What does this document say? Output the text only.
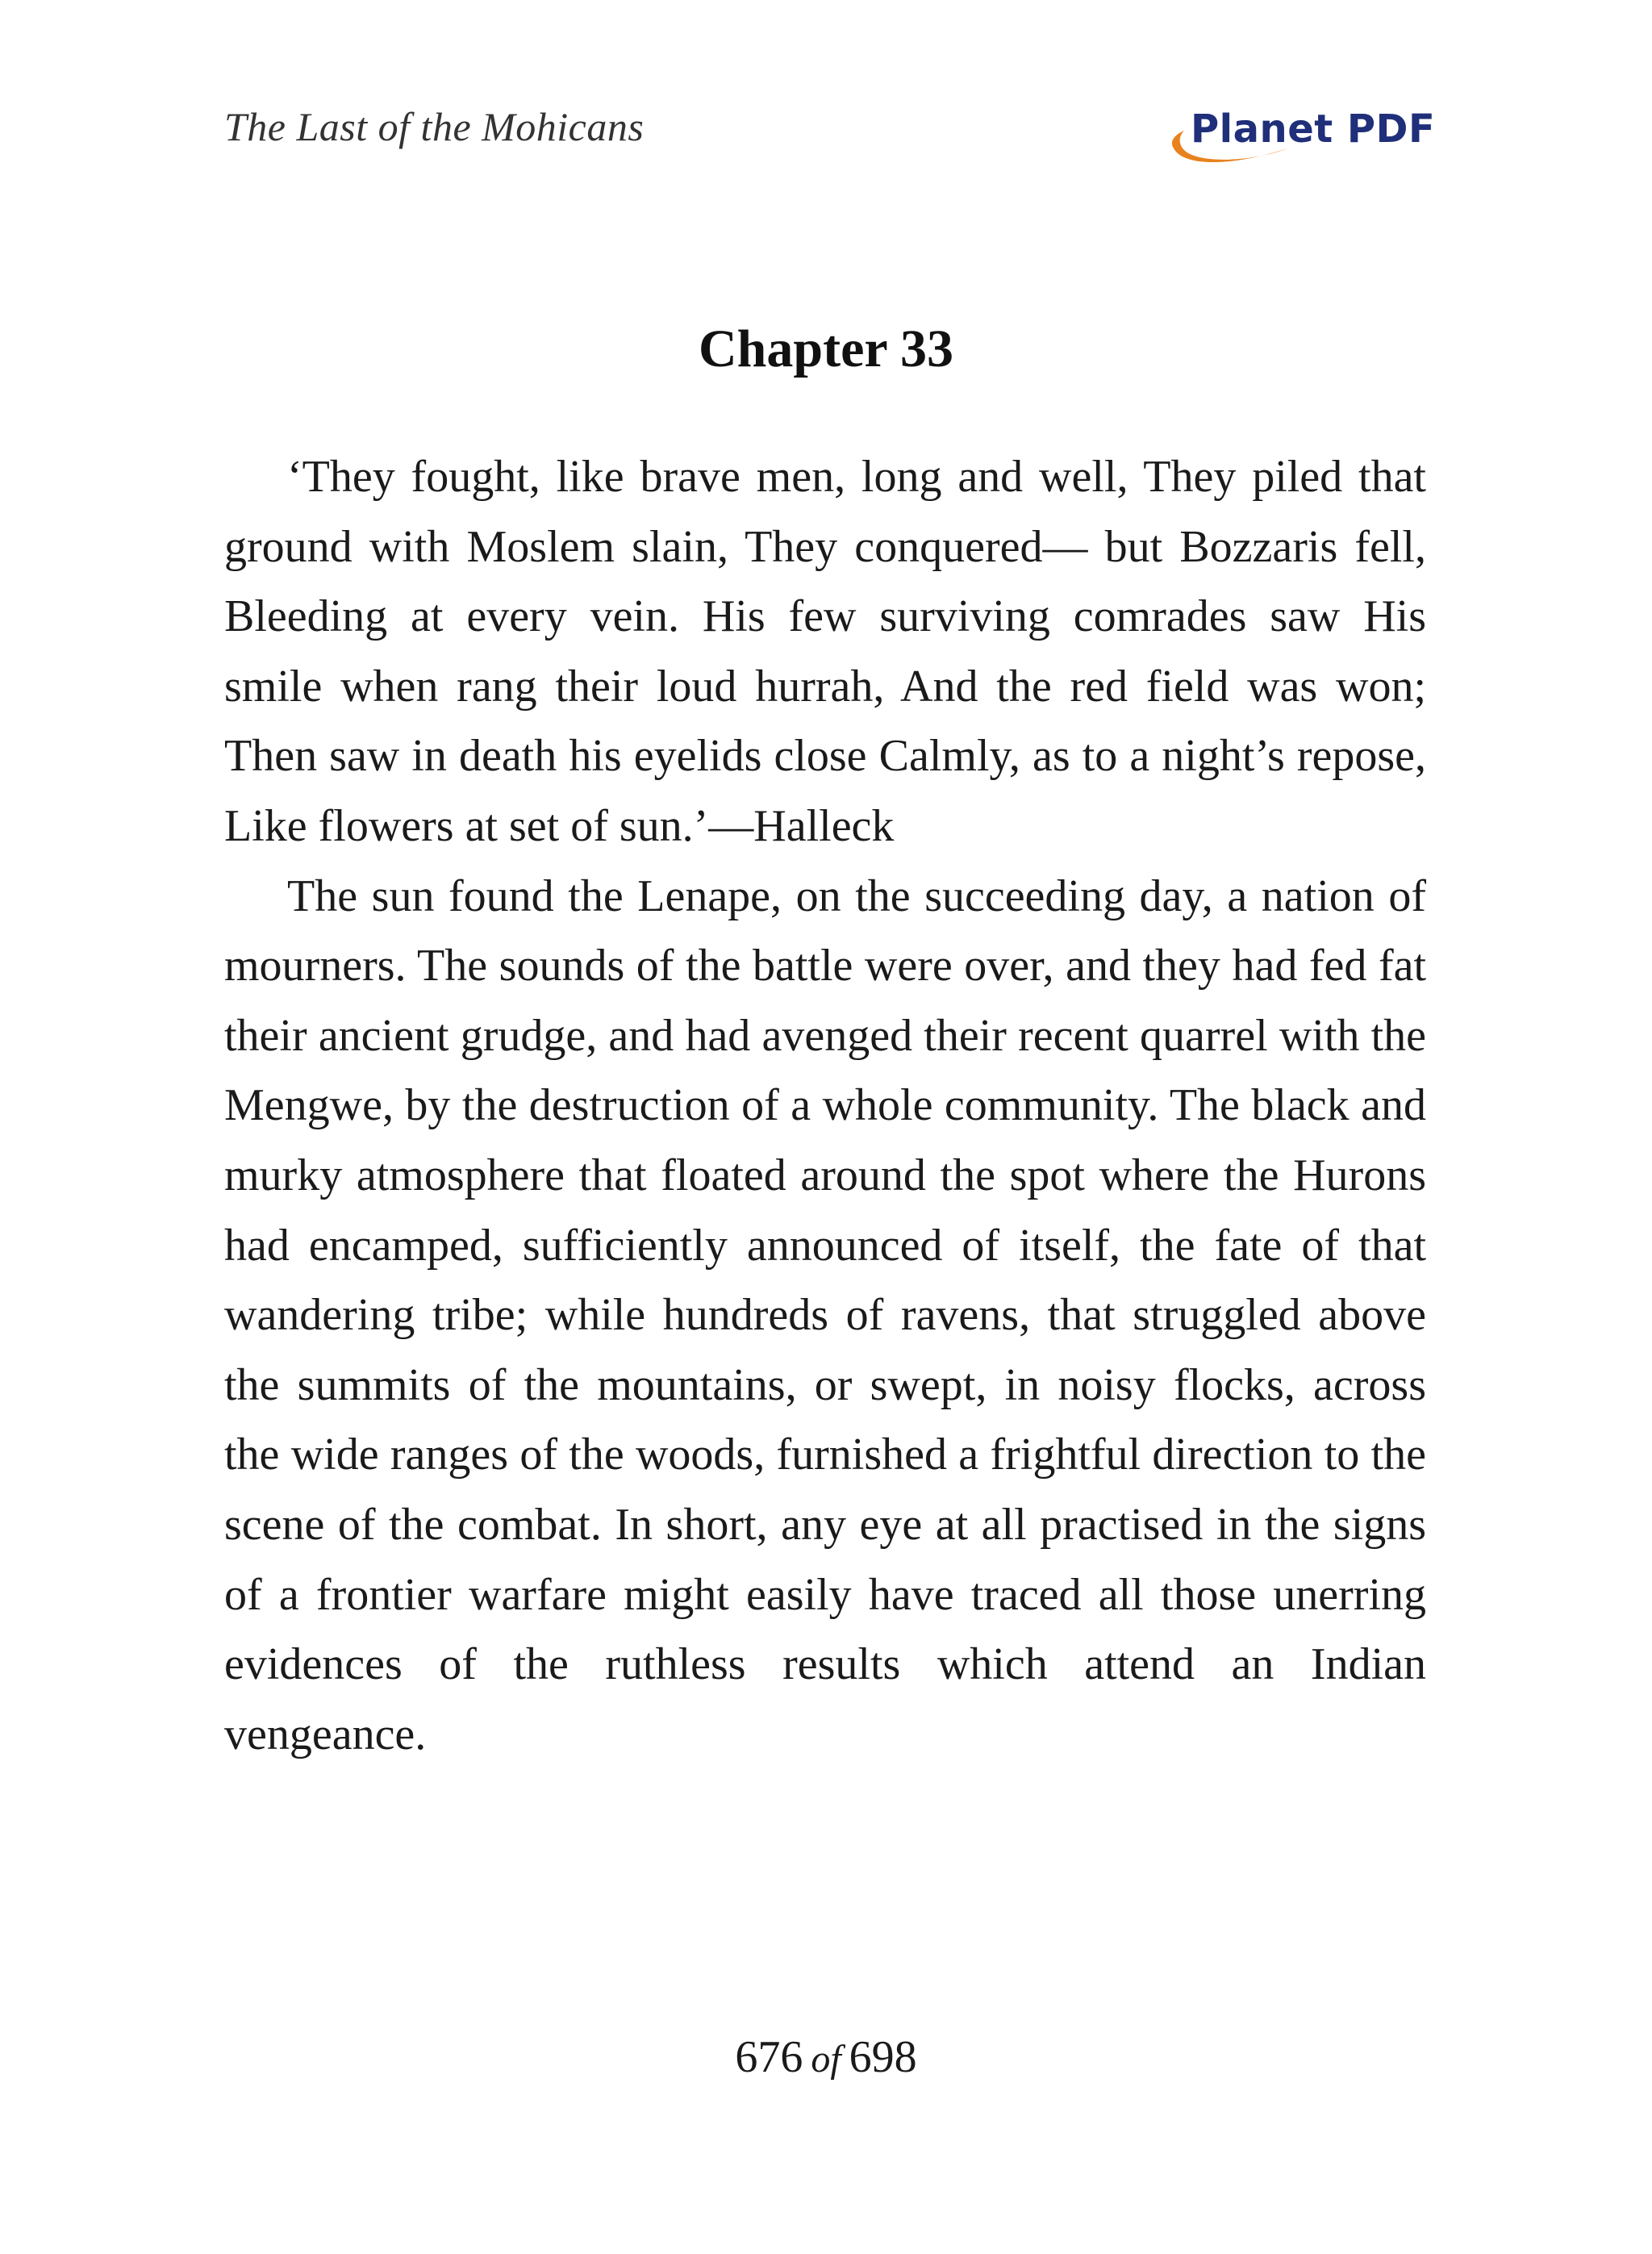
The Last of the Mohicans	Planet PDF
Chapter 33

‘They fought, like brave men, long and well, They piled that ground with Moslem slain, They conquered— but Bozzaris fell, Bleeding at every vein. His few surviving comrades saw His smile when rang their loud hurrah, And the red field was won; Then saw in death his eyelids close Calmly, as to a night’s repose, Like flowers at set of sun.’—Halleck

The sun found the Lenape, on the succeeding day, a nation of mourners. The sounds of the battle were over, and they had fed fat their ancient grudge, and had avenged their recent quarrel with the Mengwe, by the destruction of a whole community. The black and murky atmosphere that floated around the spot where the Hurons had encamped, sufficiently announced of itself, the fate of that wandering tribe; while hundreds of ravens, that struggled above the summits of the mountains, or swept, in noisy flocks, across the wide ranges of the woods, furnished a frightful direction to the scene of the combat. In short, any eye at all practised in the signs of a frontier warfare might easily have traced all those unerring evidences of the ruthless results which attend an Indian vengeance.

676 of 698
